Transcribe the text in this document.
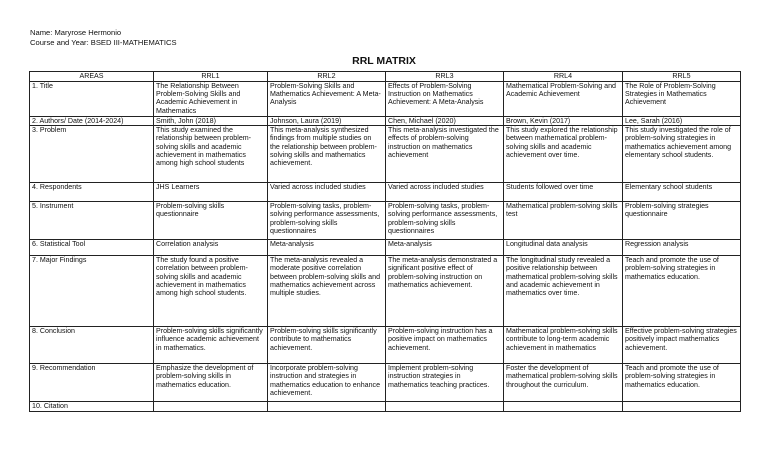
Name: Maryrose Hermonio
Course and Year: BSED III-MATHEMATICS
RRL MATRIX
AREAS	RRL1	RRL2	RRL3	RRL4	RRL5
1. Title	The Relationship Between Problem-Solving Skills and Academic Achievement in Mathematics	Problem-Solving Skills and Mathematics Achievement: A Meta-Analysis	Effects of Problem-Solving Instruction on Mathematics Achievement: A Meta-Analysis	Mathematical Problem-Solving and Academic Achievement	The Role of Problem-Solving Strategies in Mathematics Achievement
2. Authors/ Date (2014-2024)	Smith, John (2018)	Johnson, Laura (2019)	Chen, Michael (2020)	Brown, Kevin (2017)	Lee, Sarah (2016)
3. Problem	This study examined the relationship between problem-solving skills and academic achievement in mathematics among high school students	This meta-analysis synthesized findings from multiple studies on the relationship between problem-solving skills and mathematics achievement.	This meta-analysis investigated the effects of problem-solving instruction on mathematics achievement	This study explored the relationship between mathematical problem-solving skills and academic achievement over time.	This study investigated the role of problem-solving strategies in mathematics achievement among elementary school students.
4. Respondents	JHS Learners	Varied across included studies	Varied across included studies	Students followed over time	Elementary school students
5. Instrument	Problem-solving skills questionnaire	Problem-solving tasks, problem-solving performance assessments, problem-solving skills questionnaires	Problem-solving tasks, problem-solving performance assessments, problem-solving skills questionnaires	Mathematical problem-solving skills test	Problem-solving strategies questionnaire
6. Statistical Tool	Correlation analysis	Meta-analysis	Meta-analysis	Longitudinal data analysis	Regression analysis
7. Major Findings	The study found a positive correlation between problem-solving skills and academic achievement in mathematics among high school students.	The meta-analysis revealed a moderate positive correlation between problem-solving skills and mathematics achievement across multiple studies.	The meta-analysis demonstrated a significant positive effect of problem-solving instruction on mathematics achievement.	The longitudinal study revealed a positive relationship between mathematical problem-solving skills and academic achievement in mathematics over time.	Teach and promote the use of problem-solving strategies in mathematics education.
8. Conclusion	Problem-solving skills significantly influence academic achievement in mathematics.	Problem-solving skills significantly contribute to mathematics achievement.	Problem-solving instruction has a positive impact on mathematics achievement.	Mathematical problem-solving skills contribute to long-term academic achievement in mathematics	Effective problem-solving strategies positively impact mathematics achievement.
9. Recommendation	Emphasize the development of problem-solving skills in mathematics education.	Incorporate problem-solving instruction and strategies in mathematics education to enhance achievement.	Implement problem-solving instruction strategies in mathematics teaching practices.	Foster the development of mathematical problem-solving skills throughout the curriculum.	Teach and promote the use of problem-solving strategies in mathematics education.
10. Citation					
